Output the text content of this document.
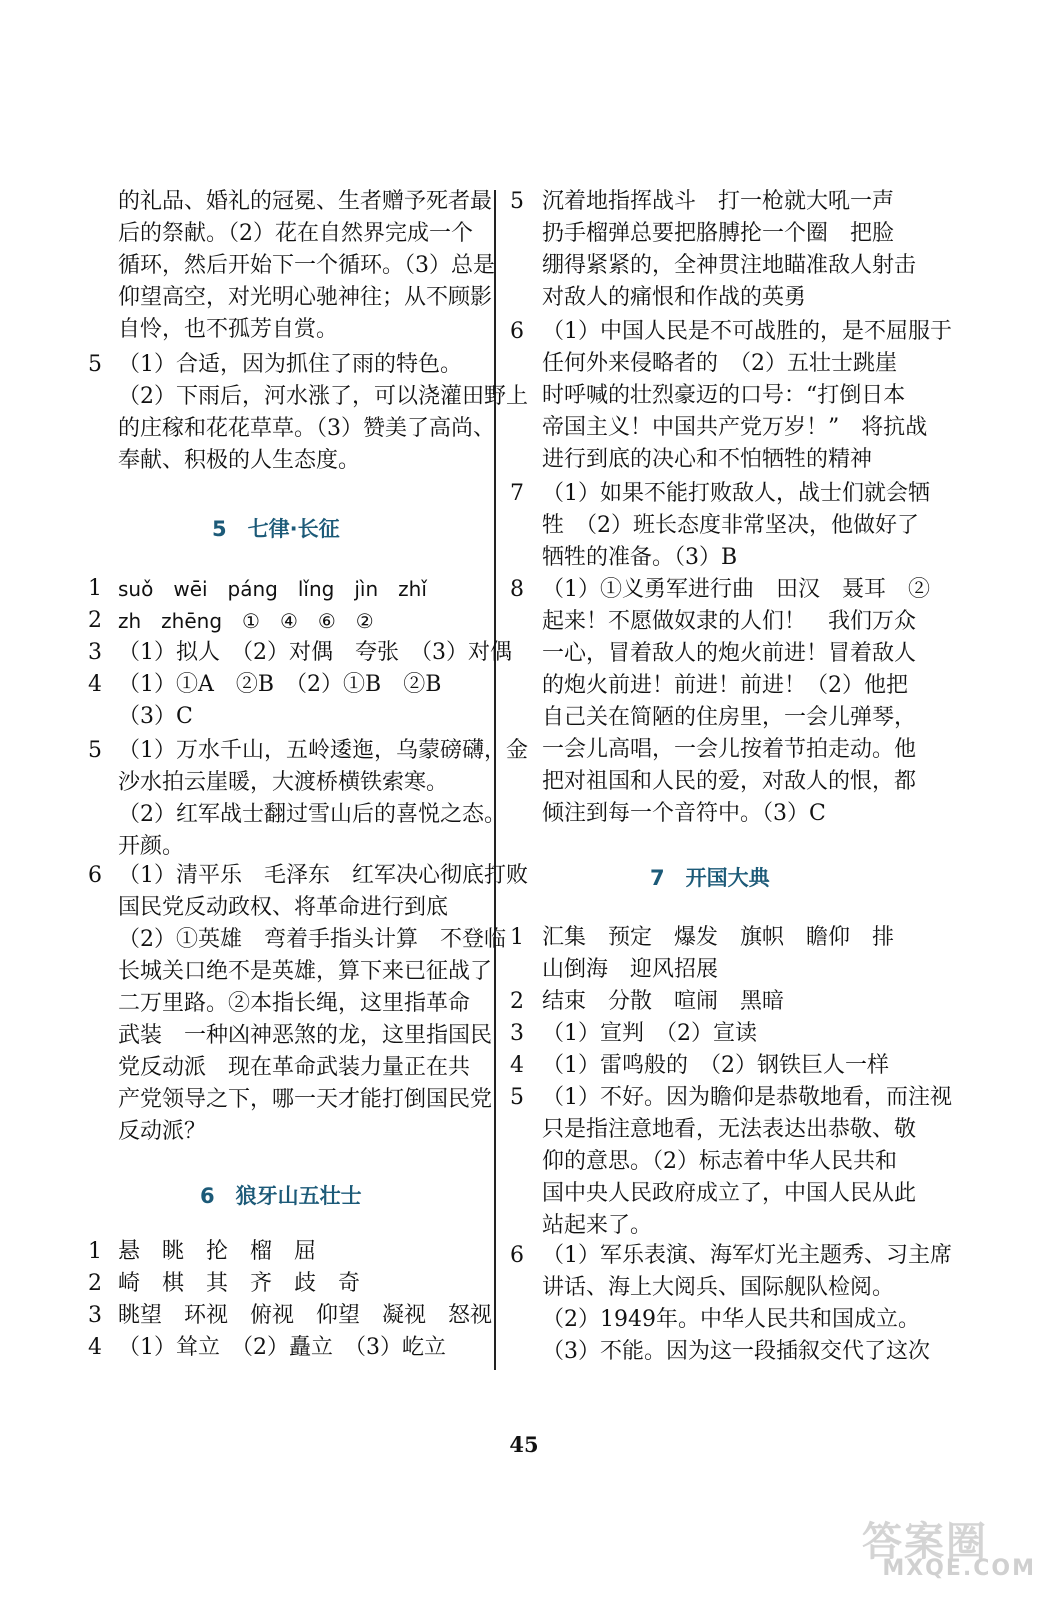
的礼品、婚礼的冠冕、生者赠予死者最
后的祭献。（2）花在自然界完成一个
循环，然后开始下一个循环。（3）总是
仰望高空，对光明心驰神往；从不顾影
自怜，也不孤芳自赏。
5 （1）合适，因为抓住了雨的特色。
（2）下雨后，河水涨了，可以浇灌田野上
的庄稼和花花草草。（3）赞美了高尚、
奉献、积极的人生态度。
5　七律·长征
1 suǒ　wēi　páng　lǐng　jìn　zhǐ
2 zh　zhēng　①　④　⑥　②
3 （1）拟人　（2）对偶　夸张　（3）对偶
4 （1）①A　②B　（2）①B　②B
（3）C
5 （1）万水千山，五岭逶迤，乌蒙磅礴，金
沙水拍云崖暖，大渡桥横铁索寒。
（2）红军战士翻过雪山后的喜悦之态。
开颜。
6 （1）清平乐　毛泽东　红军决心彻底打败
国民党反动政权、将革命进行到底
（2）①英雄　弯着手指头计算　不登临
长城关口绝不是英雄，算下来已征战了
二万里路。②本指长绳，这里指革命
武装　一种凶神恶煞的龙，这里指国民
党反动派　现在革命武装力量正在共
产党领导之下，哪一天才能打倒国民党
反动派？
6　狼牙山五壮士
1 悬　眺　抡　榴　屈
2 崎　棋　其　齐　歧　奇
3 眺望　环视　俯视　仰望　凝视　怒视
4 （1）耸立　（2）矗立　（3）屹立
5 沉着地指挥战斗　打一枪就大吼一声
扔手榴弹总要把胳膊抡一个圈　把脸
绷得紧紧的，全神贯注地瞄准敌人射击
对敌人的痛恨和作战的英勇
6 （1）中国人民是不可战胜的，是不屈服于
任何外来侵略者的　（2）五壮士跳崖
时呼喊的壮烈豪迈的口号：“打倒日本
帝国主义！中国共产党万岁！”　将抗战
进行到底的决心和不怕牺牲的精神
7 （1）如果不能打败敌人，战士们就会牺
牲　（2）班长态度非常坚决，他做好了
牺牲的准备。（3）B
8 （1）①义勇军进行曲　田汉　聂耳　②
起来！不愿做奴隶的人们！　我们万众
一心，冒着敌人的炮火前进！冒着敌人
的炮火前进！前进！前进！（2）他把
自己关在简陋的住房里，一会儿弹琴，
一会儿高唱，一会儿按着节拍走动。他
把对祖国和人民的爱，对敌人的恨，都
倾注到每一个音符中。（3）C
7　开国大典
1 汇集　预定　爆发　旗帜　瞻仰　排
山倒海　迎风招展
2 结束　分散　喧闹　黑暗
3 （1）宣判　（2）宣读
4 （1）雷鸣般的　（2）钢铁巨人一样
5 （1）不好。因为瞻仰是恭敬地看，而注视
只是指注意地看，无法表达出恭敬、敬
仰的意思。（2）标志着中华人民共和
国中央人民政府成立了，中国人民从此
站起来了。
6 （1）军乐表演、海军灯光主题秀、习主席
讲话、海上大阅兵、国际舰队检阅。
（2）1949年。中华人民共和国成立。
（3）不能。因为这一段插叙交代了这次
45
答案圈
MXQE.COM
